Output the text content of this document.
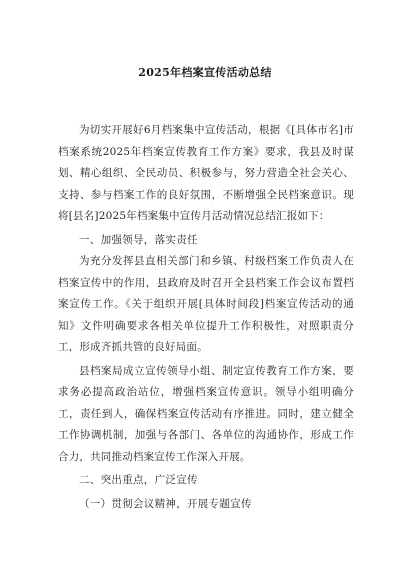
2025年档案宣传活动总结

为切实开展好6月档案集中宣传活动，根据《[具体市名]市档案系统2025年档案宣传教育工作方案》要求，我县及时谋划、精心组织、全民动员、积极参与，努力营造全社会关心、支持、参与档案工作的良好氛围，不断增强全民档案意识。现将[县名]2025年档案集中宣传月活动情况总结汇报如下：

一、加强领导，落实责任

为充分发挥县直相关部门和乡镇、村级档案工作负责人在档案宣传中的作用，县政府及时召开全县档案工作会议布置档案宣传工作。《关于组织开展[具体时间段]档案宣传活动的通知》文件明确要求各相关单位提升工作积极性，对照职责分工，形成齐抓共管的良好局面。

县档案局成立宣传领导小组、制定宣传教育工作方案，要求务必提高政治站位，增强档案宣传意识。领导小组明确分工，责任到人，确保档案宣传活动有序推进。同时，建立健全工作协调机制，加强与各部门、各单位的沟通协作，形成工作合力，共同推动档案宣传工作深入开展。

二、突出重点，广泛宣传

（一）贯彻会议精神，开展专题宣传
